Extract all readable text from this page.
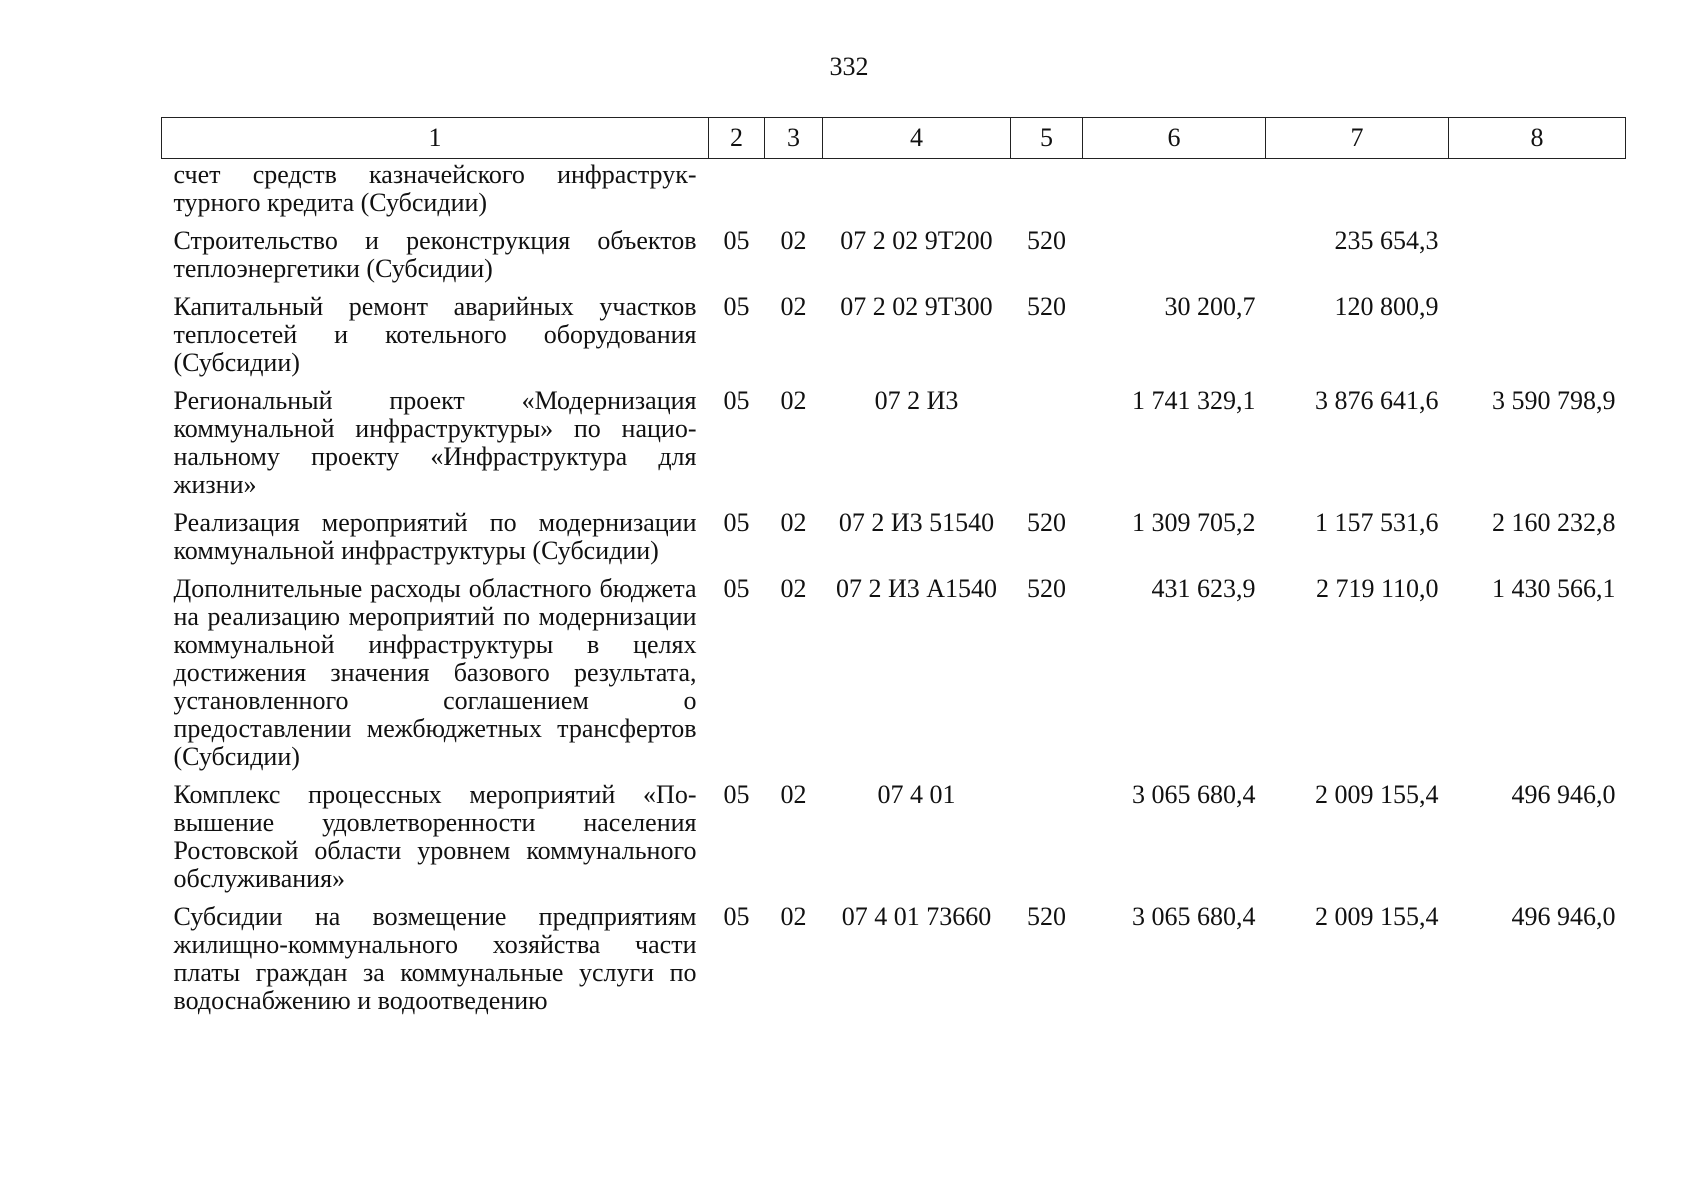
332
1	2	3	4	5	6	7	8
счет средств казначейского инфраструктурного кредита (Субсидии)							
Строительство и реконструкция объектов теплоэнергетики (Субсидии)	05	02	07 2 02 9Т200	520		235 654,3	
Капитальный ремонт аварийных участков теплосетей и котельного оборудования (Субсидии)	05	02	07 2 02 9Т300	520	30 200,7	120 800,9	
Региональный проект «Модернизация коммунальной инфраструктуры» по национальному проекту «Инфраструктура для жизни»	05	02	07 2 И3		1 741 329,1	3 876 641,6	3 590 798,9
Реализация мероприятий по модернизации коммунальной инфраструктуры (Субсидии)	05	02	07 2 И3 51540	520	1 309 705,2	1 157 531,6	2 160 232,8
Дополнительные расходы областного бюджета на реализацию мероприятий по модернизации коммунальной инфраструктуры в целях достижения значения базового результата, установленного соглашением о предоставлении межбюджетных трансфертов (Субсидии)	05	02	07 2 И3 А1540	520	431 623,9	2 719 110,0	1 430 566,1
Комплекс процессных мероприятий «Повышение удовлетворенности населения Ростовской области уровнем коммунального обслуживания»	05	02	07 4 01		3 065 680,4	2 009 155,4	496 946,0
Субсидии на возмещение предприятиям жилищно-коммунального хозяйства части платы граждан за коммунальные услуги по водоснабжению и водоотведению	05	02	07 4 01 73660	520	3 065 680,4	2 009 155,4	496 946,0
